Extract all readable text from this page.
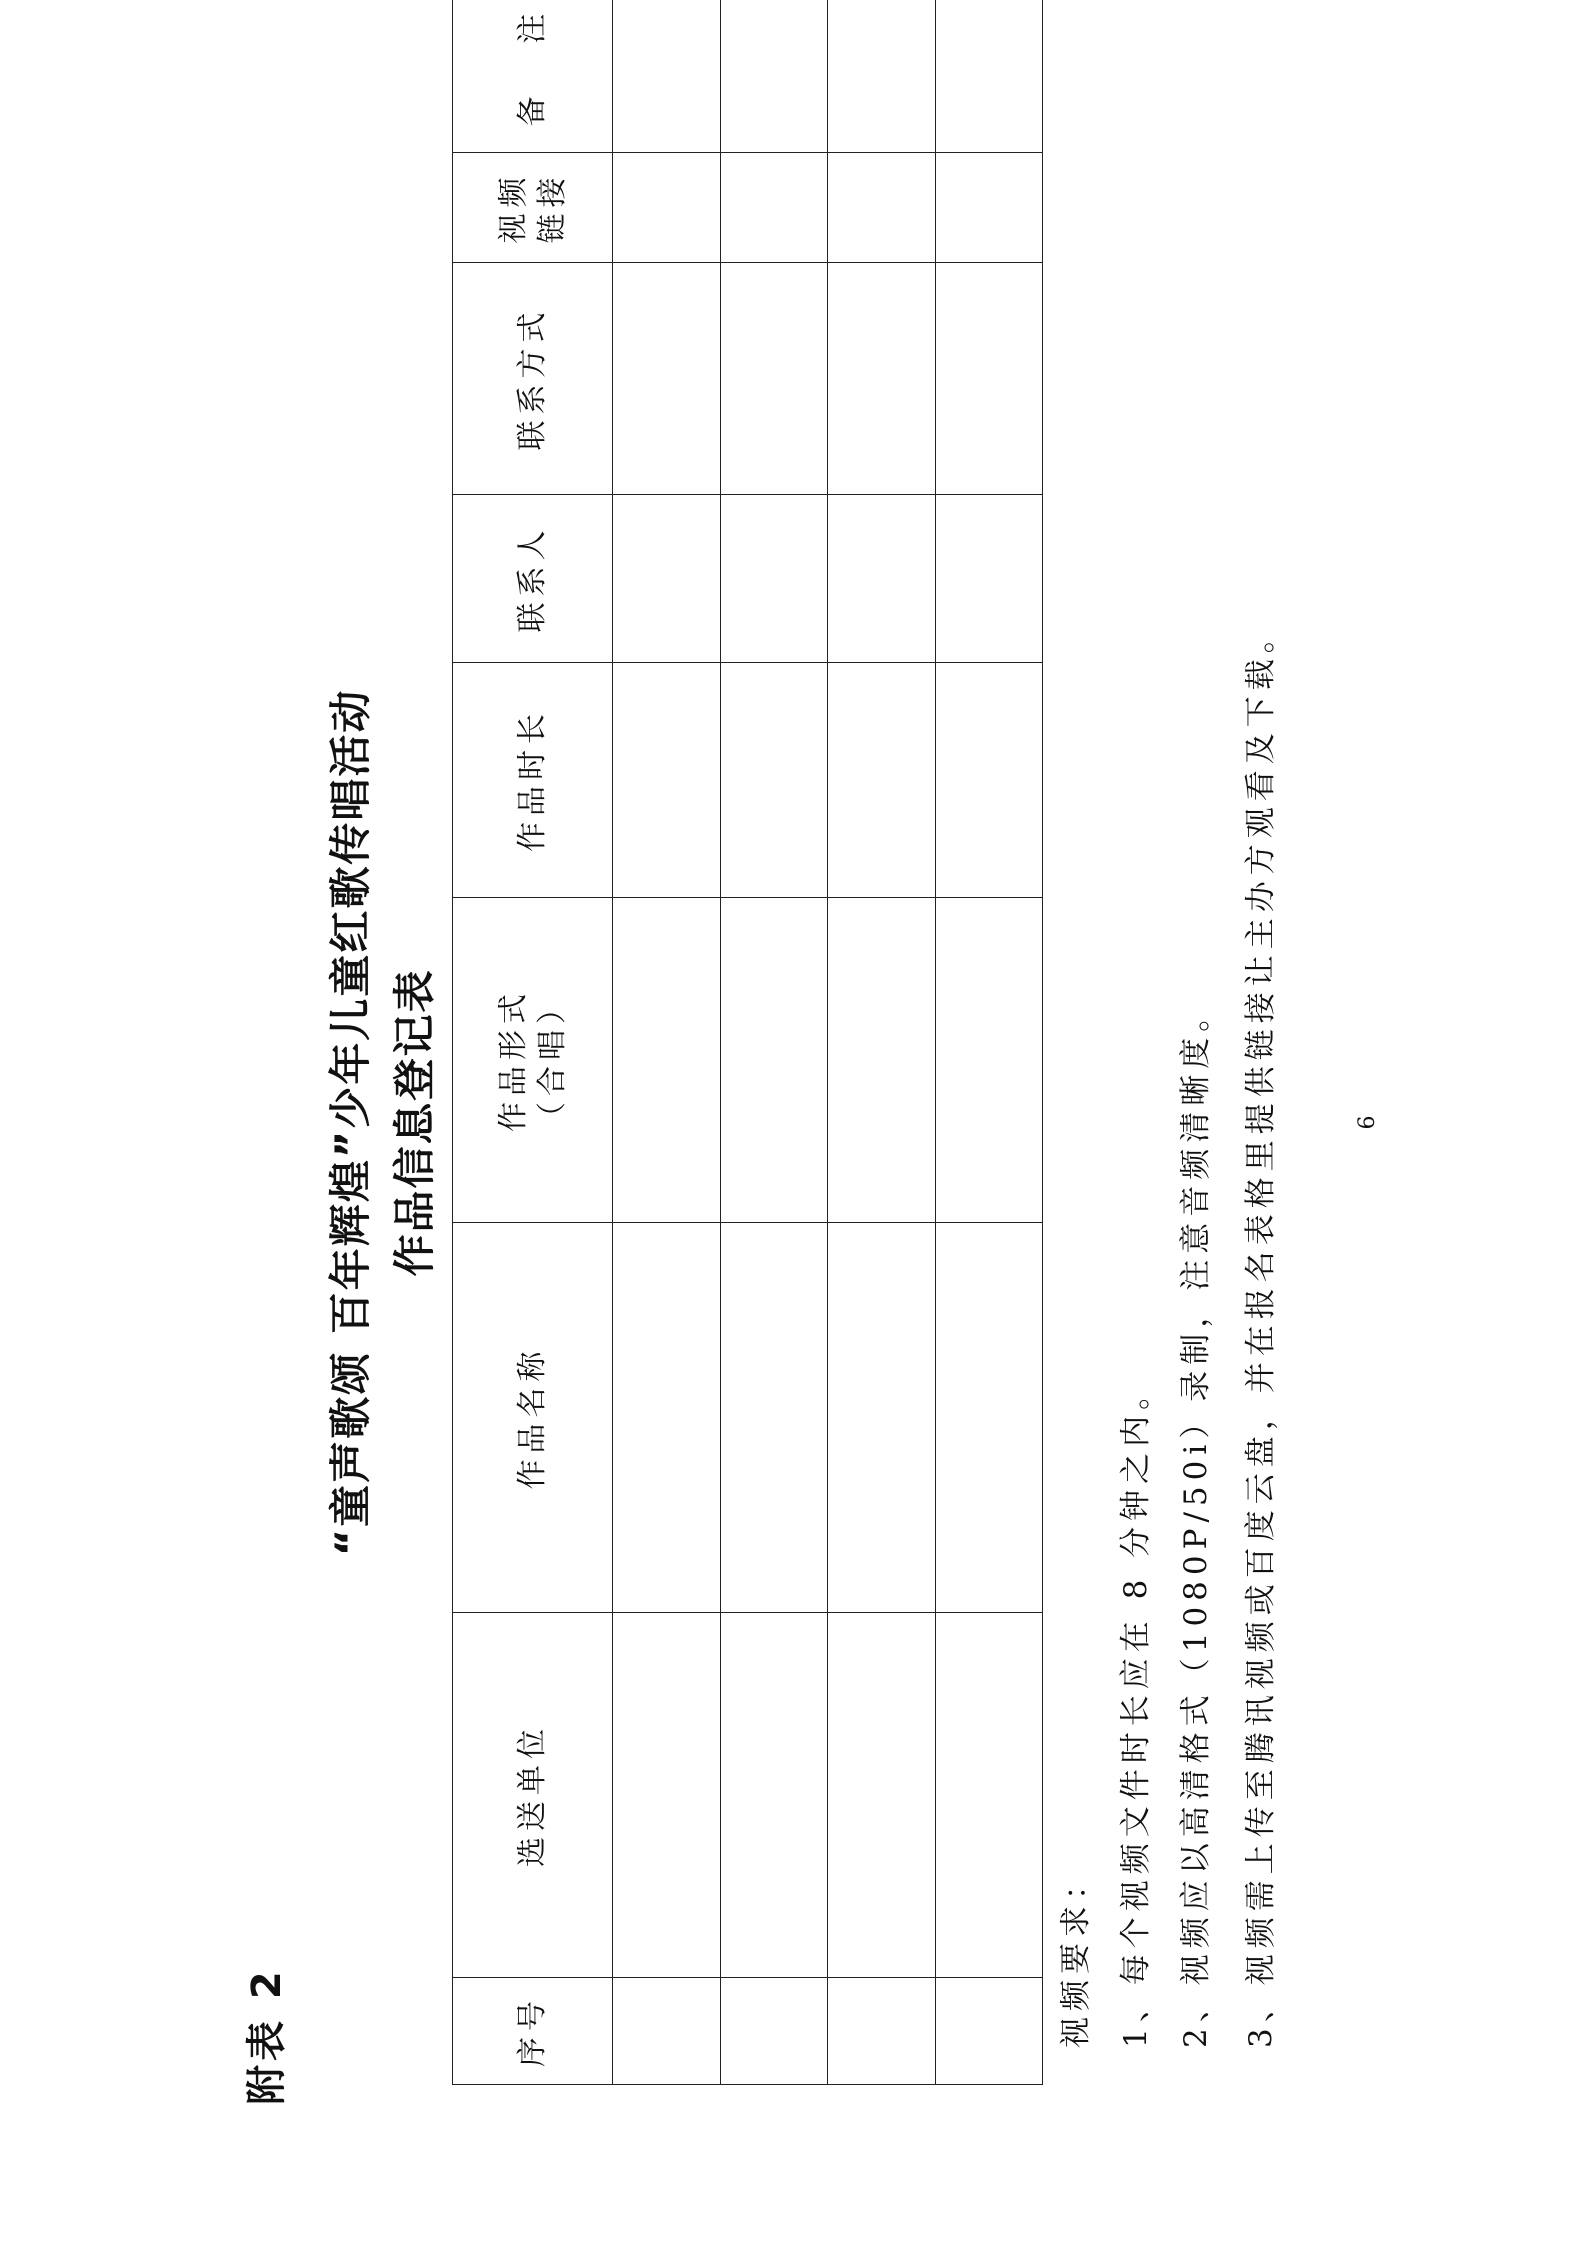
附表 2
“童声歌颂 百年辉煌”少年儿童红歌传唱活动 作品信息登记表
序号	选送单位	作品名称	作品形式 （合唱）	作品时长	联系人	联系方式	视频 链接	备   注

视频要求： 1、每个视频文件时长应在 8 分钟之内。 2、视频应以高清格式（1080P/50i）录制，注意音频清晰度。 3、视频需上传至腾讯视频或百度云盘，并在报名表格里提供链接让主办方观看及下载。	6
